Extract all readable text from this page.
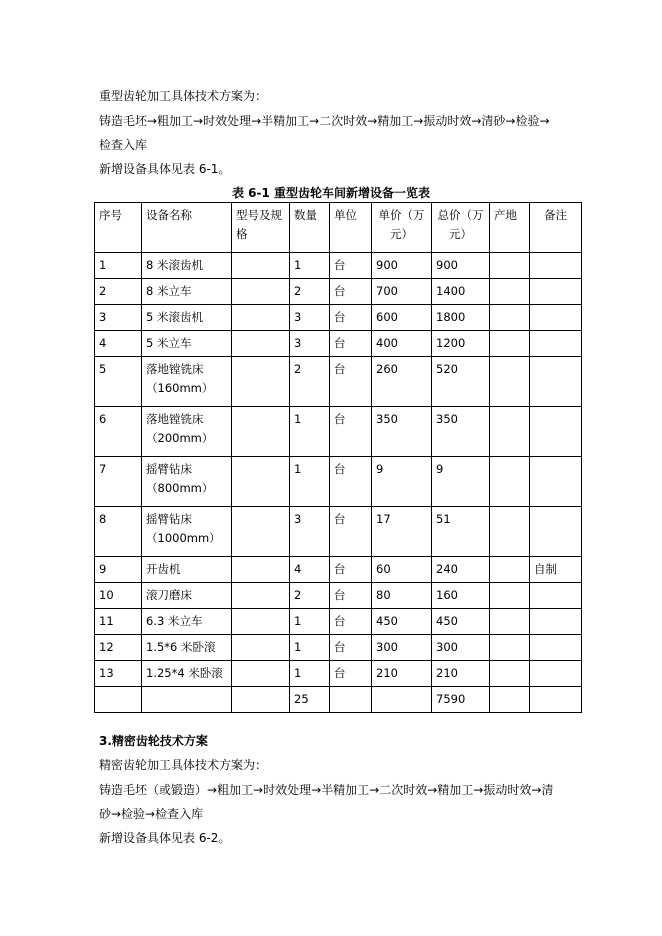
重型齿轮加工具体技术方案为：
铸造毛坯→粗加工→时效处理→半精加工→二次时效→精加工→振动时效→清砂→检验→
检查入库
新增设备具体见表 6-1。
表 6-1 重型齿轮车间新增设备一览表
序号	设备名称	型号及规格	数量	单位	单价（万元）	总价（万元）	产地	备注
1	8 米滚齿机		1	台	900	900		
2	8 米立车		2	台	700	1400		
3	5 米滚齿机		3	台	600	1800		
4	5 米立车		3	台	400	1200		
5	落地镗铣床
（160mm）		2	台	260	520		
6	落地镗铣床
（200mm）		1	台	350	350		
7	摇臂钻床
（800mm）		1	台	9	9		
8	摇臂钻床
（1000mm）		3	台	17	51		
9	开齿机		4	台	60	240		自制
10	滚刀磨床		2	台	80	160		
11	6.3 米立车		1	台	450	450		
12	1.5*6 米卧滚		1	台	300	300		
13	1.25*4 米卧滚		1	台	210	210		
			25			7590		
3.精密齿轮技术方案
精密齿轮加工具体技术方案为：
铸造毛坯（或锻造）→粗加工→时效处理→半精加工→二次时效→精加工→振动时效→清
砂→检验→检查入库
新增设备具体见表 6-2。
